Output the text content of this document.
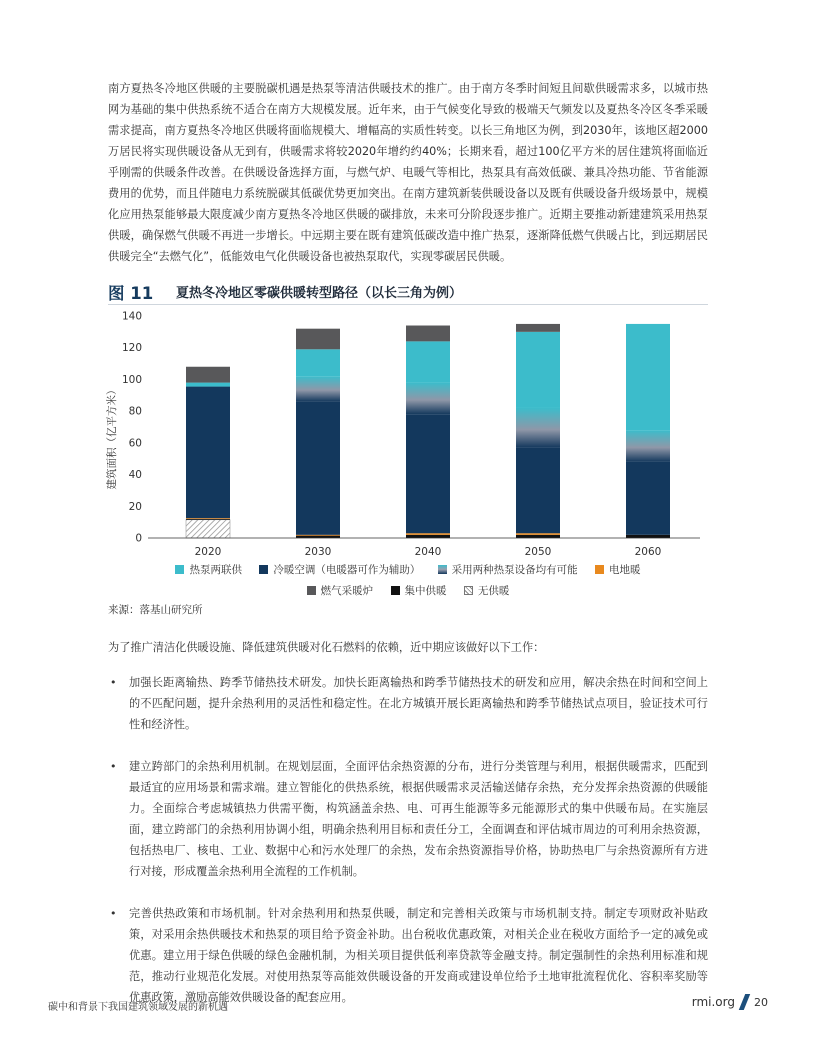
南方夏热冬冷地区供暖的主要脱碳机遇是热泵等清洁供暖技术的推广。由于南方冬季时间短且间歇供暖需求多，以城市热网为基础的集中供热系统不适合在南方大规模发展。近年来，由于气候变化导致的极端天气频发以及夏热冬冷区冬季采暖需求提高，南方夏热冬冷地区供暖将面临规模大、增幅高的实质性转变。以长三角地区为例，到2030年，该地区超2000万居民将实现供暖设备从无到有，供暖需求将较2020年增约约40%；长期来看，超过100亿平方米的居住建筑将面临近乎刚需的供暖条件改善。在供暖设备选择方面，与燃气炉、电暖气等相比，热泵具有高效低碳、兼具冷热功能、节省能源费用的优势，而且伴随电力系统脱碳其低碳优势更加突出。在南方建筑新装供暖设备以及既有供暖设备升级场景中，规模化应用热泵能够最大限度减少南方夏热冬冷地区供暖的碳排放，未来可分阶段逐步推广。近期主要推动新建建筑采用热泵供暖，确保燃气供暖不再进一步增长。中远期主要在既有建筑低碳改造中推广热泵，逐渐降低燃气供暖占比，到远期居民供暖完全“去燃气化”，低能效电气化供暖设备也被热泵取代，实现零碳居民供暖。

图 11 夏热冬冷地区零碳供暖转型路径（以长三角为例）
建筑面积（亿平方米）
0
20
40
60
80
100
120
140
2020	2030	2040	2050	2060
热泵两联供	冷暖空调（电暖器可作为辅助）	采用两种热泵设备均有可能	电地暖
燃气采暖炉	集中供暖	无供暖
来源：落基山研究所

为了推广清洁化供暖设施、降低建筑供暖对化石燃料的依赖，近中期应该做好以下工作：

• 加强长距离输热、跨季节储热技术研发。加快长距离输热和跨季节储热技术的研发和应用，解决余热在时间和空间上的不匹配问题，提升余热利用的灵活性和稳定性。在北方城镇开展长距离输热和跨季节储热试点项目，验证技术可行性和经济性。
• 建立跨部门的余热利用机制。在规划层面，全面评估余热资源的分布，进行分类管理与利用，根据供暖需求，匹配到最适宜的应用场景和需求端。建立智能化的供热系统，根据供暖需求灵活输送储存余热，充分发挥余热资源的供暖能力。全面综合考虑城镇热力供需平衡，构筑涵盖余热、电、可再生能源等多元能源形式的集中供暖布局。在实施层面，建立跨部门的余热利用协调小组，明确余热利用目标和责任分工，全面调查和评估城市周边的可利用余热资源，包括热电厂、核电、工业、数据中心和污水处理厂的余热，发布余热资源指导价格，协助热电厂与余热资源所有方进行对接，形成覆盖余热利用全流程的工作机制。
• 完善供热政策和市场机制。针对余热利用和热泵供暖，制定和完善相关政策与市场机制支持。制定专项财政补贴政策，对采用余热供暖技术和热泵的项目给予资金补助。出台税收优惠政策，对相关企业在税收方面给予一定的减免或优惠。建立用于绿色供暖的绿色金融机制，为相关项目提供低利率贷款等金融支持。制定强制性的余热利用标准和规范，推动行业规范化发展。对使用热泵等高能效供暖设备的开发商或建设单位给予土地审批流程优化、容积率奖励等优惠政策，激励高能效供暖设备的配套应用。
碳中和背景下我国建筑领域发展的新机遇	rmi.org 20
